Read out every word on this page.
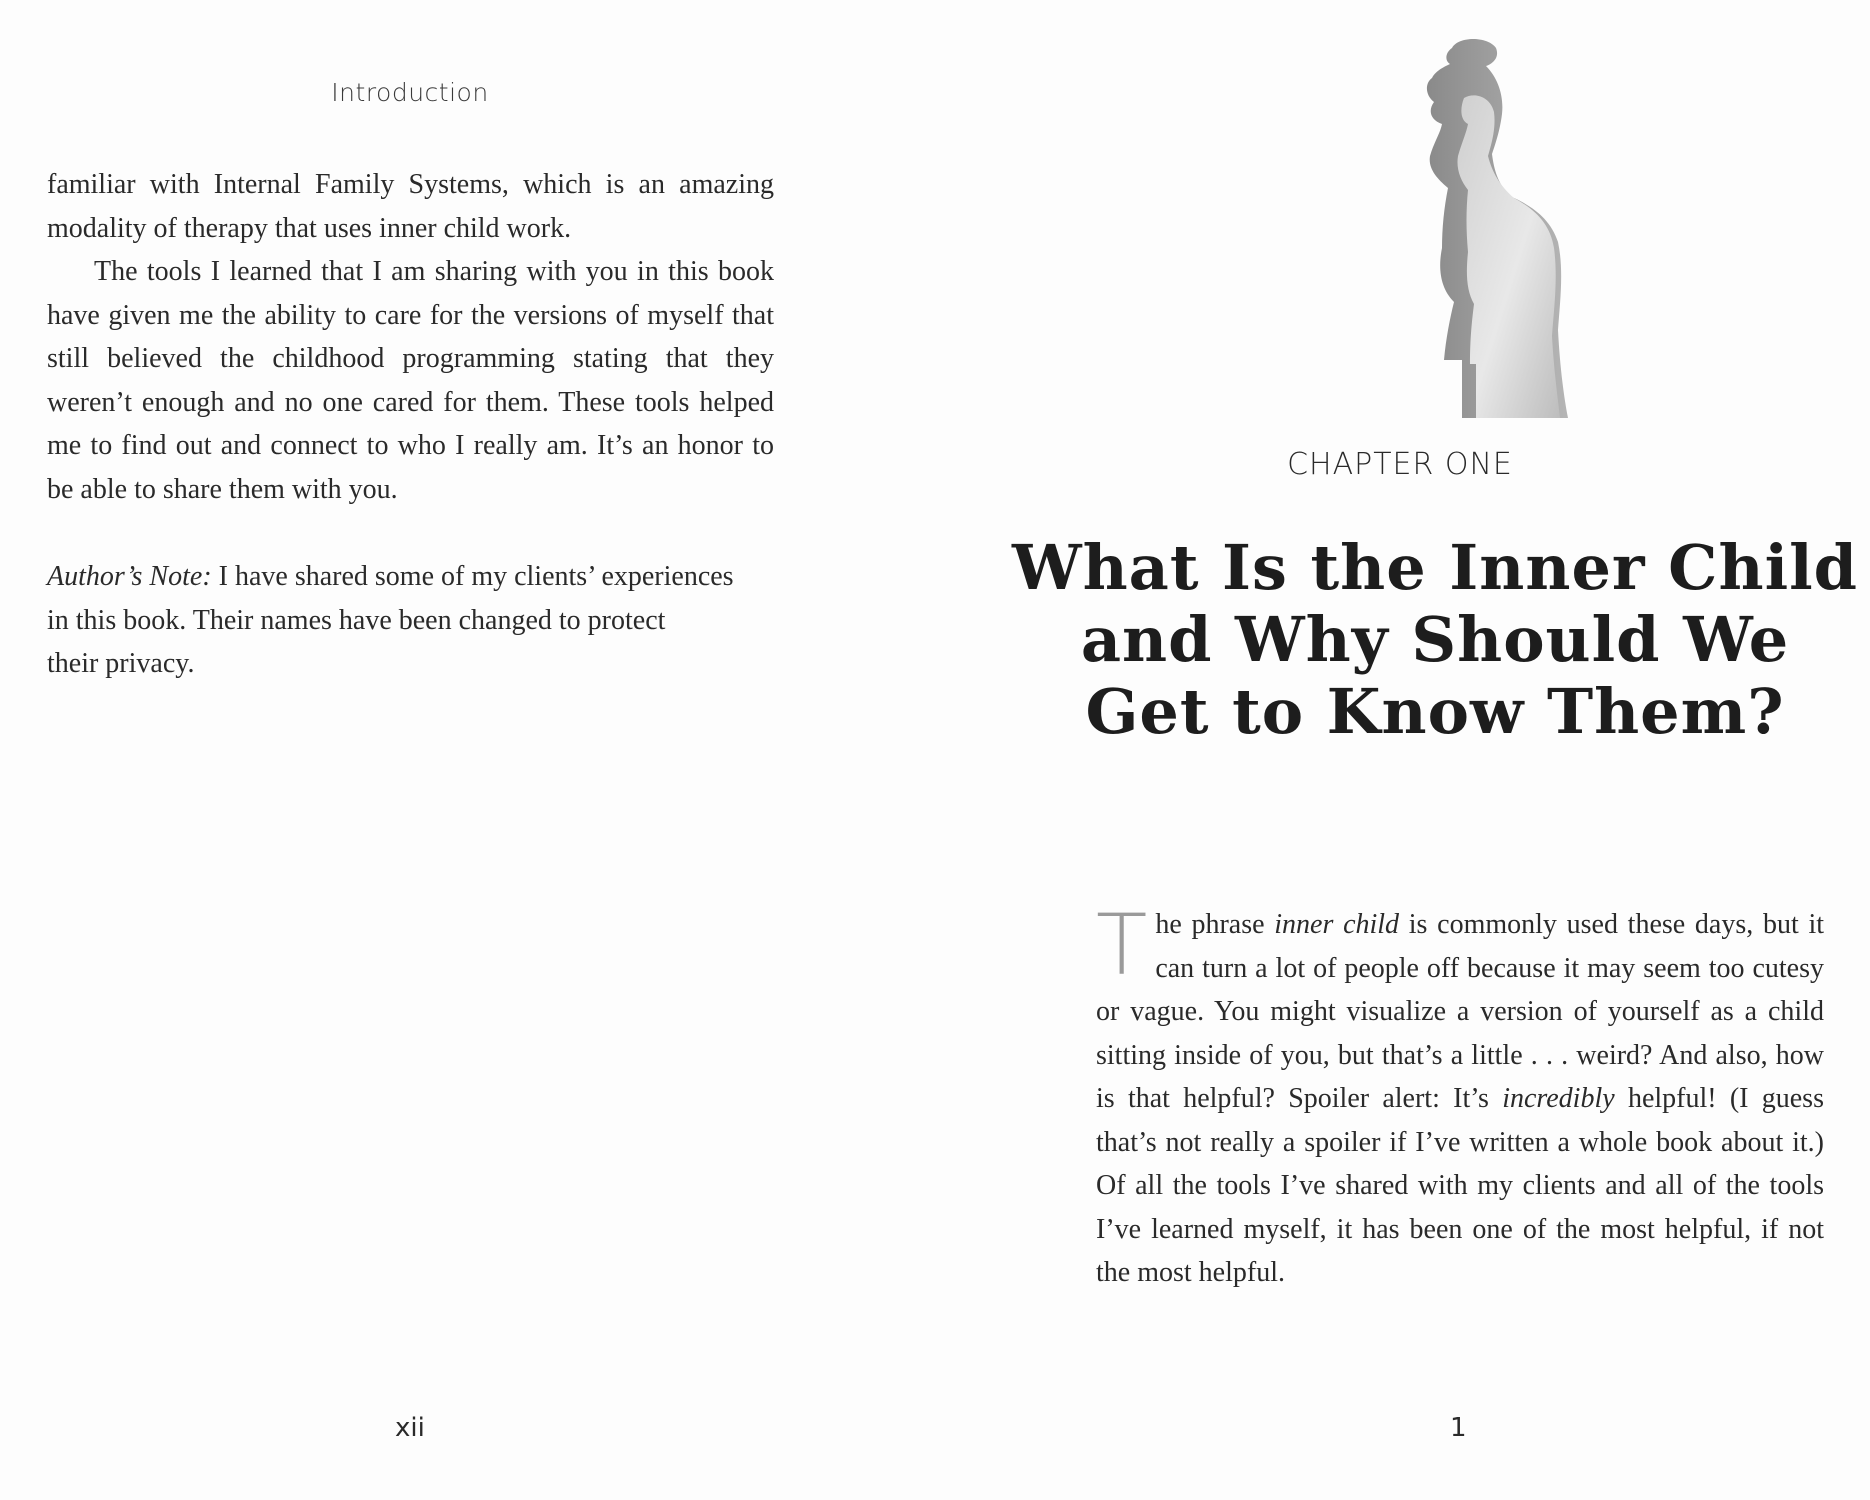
Introduction

familiar with Internal Family Systems, which is an amazing modality of therapy that uses inner child work.

The tools I learned that I am sharing with you in this book have given me the ability to care for the versions of myself that still believed the childhood programming stating that they weren’t enough and no one cared for them. These tools helped me to find out and connect to who I really am. It’s an honor to be able to share them with you.

Author’s Note: I have shared some of my clients’ experiences
in this book. Their names have been changed to protect
their privacy.
xii
CHAPTER ONE
What Is the Inner Child
and Why Should We
Get to Know Them?

The phrase inner child is commonly used these days, but it can turn a lot of people off because it may seem too cutesy or vague. You might visualize a version of yourself as a child sitting inside of you, but that’s a little . . . weird? And also, how is that helpful? Spoiler alert: It’s incredibly helpful! (I guess that’s not really a spoiler if I’ve written a whole book about it.) Of all the tools I’ve shared with my clients and all of the tools I’ve learned myself, it has been one of the most helpful, if not the most helpful.

1
